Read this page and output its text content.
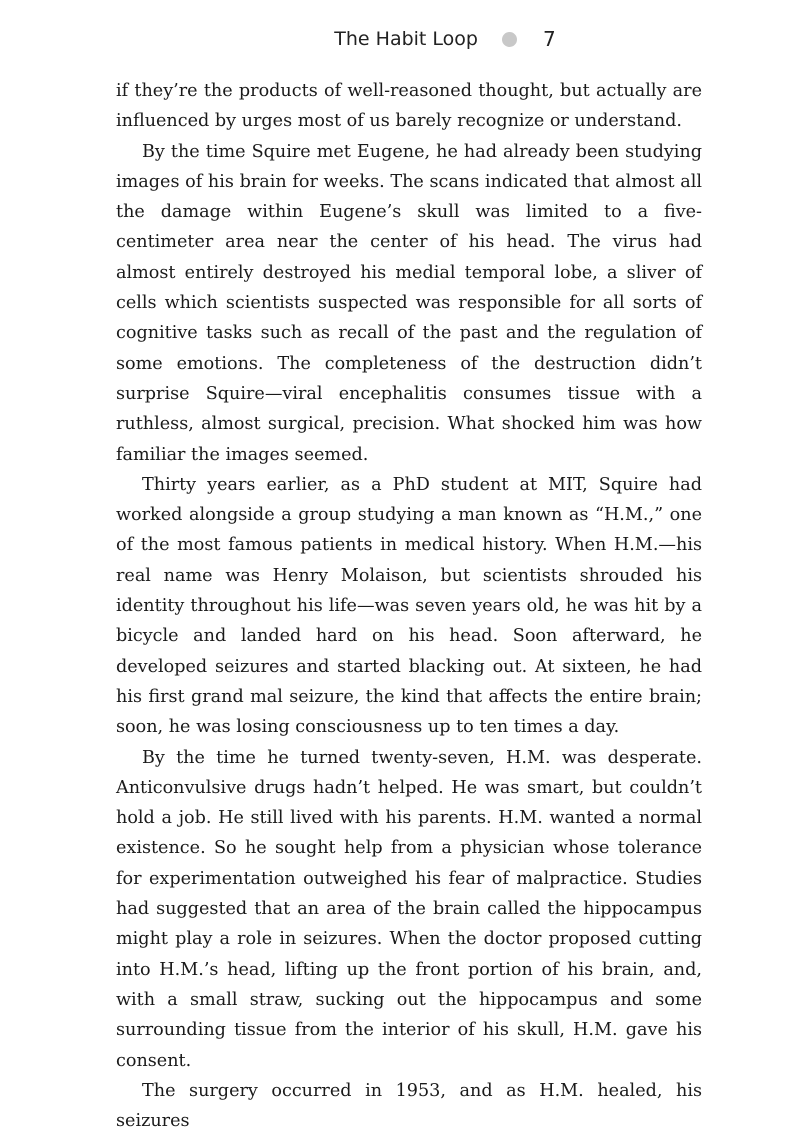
The Habit Loop	7

if they’re the products of well-reasoned thought, but actually are influenced by urges most of us barely recognize or understand.

By the time Squire met Eugene, he had already been studying images of his brain for weeks. The scans indicated that almost all the damage within Eugene’s skull was limited to a five-centimeter area near the center of his head. The virus had almost entirely destroyed his medial temporal lobe, a sliver of cells which scientists suspected was responsible for all sorts of cognitive tasks such as recall of the past and the regulation of some emotions. The completeness of the destruction didn’t surprise Squire—viral encephalitis consumes tissue with a ruthless, almost surgical, precision. What shocked him was how familiar the images seemed.

Thirty years earlier, as a PhD student at MIT, Squire had worked alongside a group studying a man known as “H.M.,” one of the most famous patients in medical history. When H.M.—his real name was Henry Molaison, but scientists shrouded his identity throughout his life—was seven years old, he was hit by a bicycle and landed hard on his head. Soon afterward, he developed seizures and started blacking out. At sixteen, he had his first grand mal seizure, the kind that affects the entire brain; soon, he was losing consciousness up to ten times a day.

By the time he turned twenty-seven, H.M. was desperate. Anticonvulsive drugs hadn’t helped. He was smart, but couldn’t hold a job. He still lived with his parents. H.M. wanted a normal existence. So he sought help from a physician whose tolerance for experimentation outweighed his fear of malpractice. Studies had suggested that an area of the brain called the hippocampus might play a role in seizures. When the doctor proposed cutting into H.M.’s head, lifting up the front portion of his brain, and, with a small straw, sucking out the hippocampus and some surrounding tissue from the interior of his skull, H.M. gave his consent.

The surgery occurred in 1953, and as H.M. healed, his seizures
